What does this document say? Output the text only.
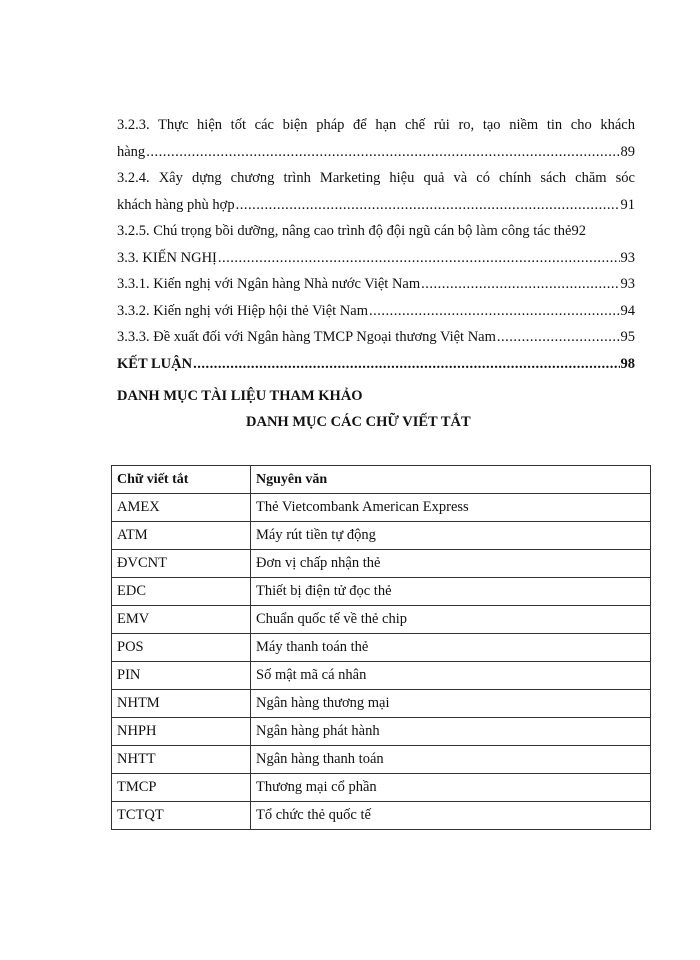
3.2.3. Thực hiện tốt các biện pháp để hạn chế rủi ro, tạo niềm tin cho khách
hàng .....	89
3.2.4. Xây dựng chương trình Marketing hiệu quả và có chính sách chăm sóc
khách hàng phù hợp .....	91
3.2.5. Chú trọng bồi dưỡng, nâng cao trình độ đội ngũ cán bộ làm công tác thẻ 92
3.3. KIẾN NGHỊ .....	93
3.3.1. Kiến nghị với Ngân hàng Nhà nước Việt Nam .....	93
3.3.2. Kiến nghị với Hiệp hội thẻ Việt Nam .....	94
3.3.3. Đề xuất đối với Ngân hàng TMCP Ngoại thương Việt Nam .....	95
KẾT LUẬN .....	98
DANH MỤC TÀI LIỆU THAM KHẢO
DANH MỤC CÁC CHỮ VIẾT TẮT
Chữ viết tắt	Nguyên văn
AMEX	Thẻ Vietcombank American Express
ATM	Máy rút tiền tự động
ĐVCNT	Đơn vị chấp nhận thẻ
EDC	Thiết bị điện tử đọc thẻ
EMV	Chuẩn quốc tế về thẻ chip
POS	Máy thanh toán thẻ
PIN	Số mật mã cá nhân
NHTM	Ngân hàng thương mại
NHPH	Ngân hàng phát hành
NHTT	Ngân hàng thanh toán
TMCP	Thương mại cổ phần
TCTQT	Tổ chức thẻ quốc tế
